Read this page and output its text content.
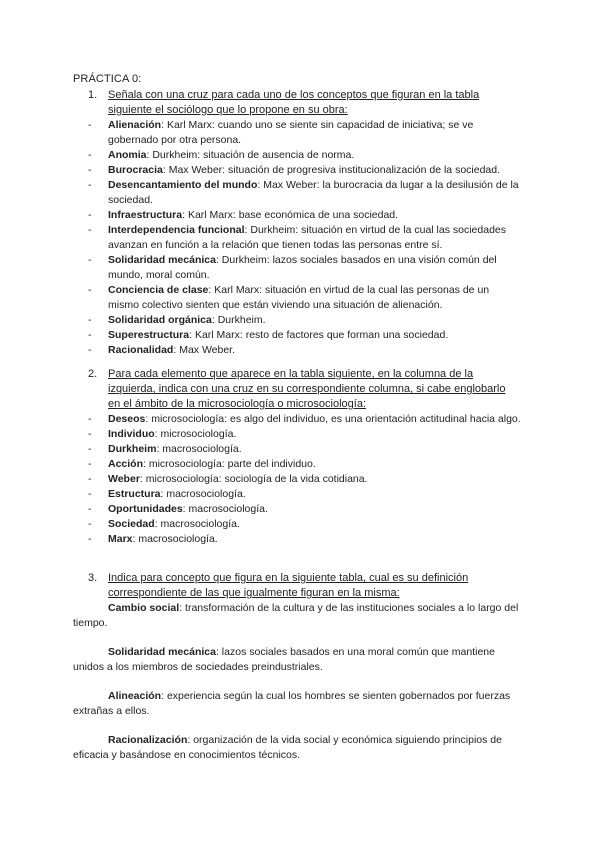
PRÁCTICA 0:
1. Señala con una cruz para cada uno de los conceptos que figuran en la tabla siguiente el sociólogo que lo propone en su obra:
- Alienación: Karl Marx: cuando uno se siente sin capacidad de iniciativa; se ve gobernado por otra persona.
- Anomia: Durkheim: situación de ausencia de norma.
- Burocracia: Max Weber: situación de progresiva institucionalización de la sociedad.
- Desencantamiento del mundo: Max Weber: la burocracia da lugar a la desilusión de la sociedad.
- Infraestructura: Karl Marx: base económica de una sociedad.
- Interdependencia funcional: Durkheim: situación en virtud de la cual las sociedades avanzan en función a la relación que tienen todas las personas entre sí.
- Solidaridad mecánica: Durkheim: lazos sociales basados en una visión común del mundo, moral común.
- Conciencia de clase: Karl Marx: situación en virtud de la cual las personas de un mismo colectivo sienten que están viviendo una situación de alienación.
- Solidaridad orgánica: Durkheim.
- Superestructura: Karl Marx: resto de factores que forman una sociedad.
- Racionalidad: Max Weber.
2. Para cada elemento que aparece en la tabla siguiente, en la columna de la izquierda, indica con una cruz en su correspondiente columna, si cabe englobarlo en el ámbito de la microsociología o microsociología:
- Deseos: microsociología: es algo del individuo, es una orientación actitudinal hacia algo.
- Individuo: microsociología.
- Durkheim: macrosociología.
- Acción: microsociología: parte del individuo.
- Weber: microsociología: sociología de la vida cotidiana.
- Estructura: macrosociología.
- Oportunidades: macrosociología.
- Sociedad: macrosociología.
- Marx: macrosociología.
3. Indica para concepto que figura en la siguiente tabla, cual es su definición correspondiente de las que igualmente figuran en la misma:

Cambio social: transformación de la cultura y de las instituciones sociales a lo largo del tiempo.

Solidaridad mecánica: lazos sociales basados en una moral común que mantiene unidos a los miembros de sociedades preindustriales.

Alineación: experiencia según la cual los hombres se sienten gobernados por fuerzas extrañas a ellos.

Racionalización: organización de la vida social y económica siguiendo principios de eficacia y basándose en conocimientos técnicos.
